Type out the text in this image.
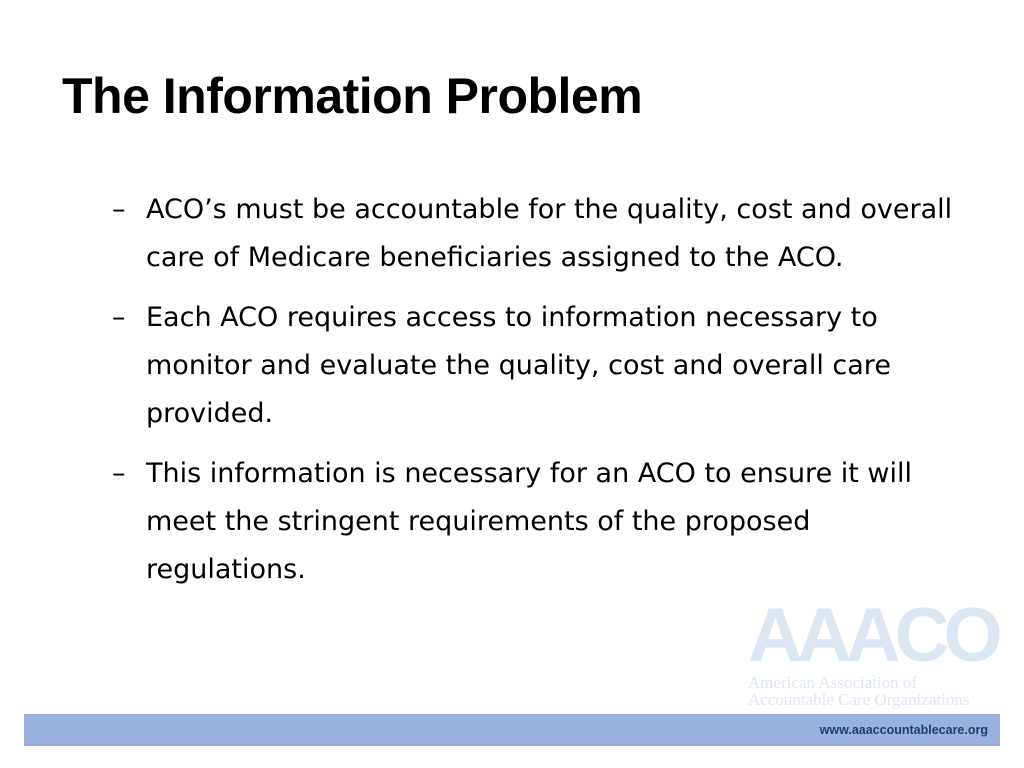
The Information Problem
– ACO’s must be accountable for the quality, cost and overall care of Medicare beneficiaries assigned to the ACO.
– Each ACO requires access to information necessary to monitor and evaluate the quality, cost and overall care provided.
– This information is necessary for an ACO to ensure it will meet the stringent requirements of the proposed regulations.
AAACO
American Association of
Accountable Care Organizations
www.aaaccountablecare.org
